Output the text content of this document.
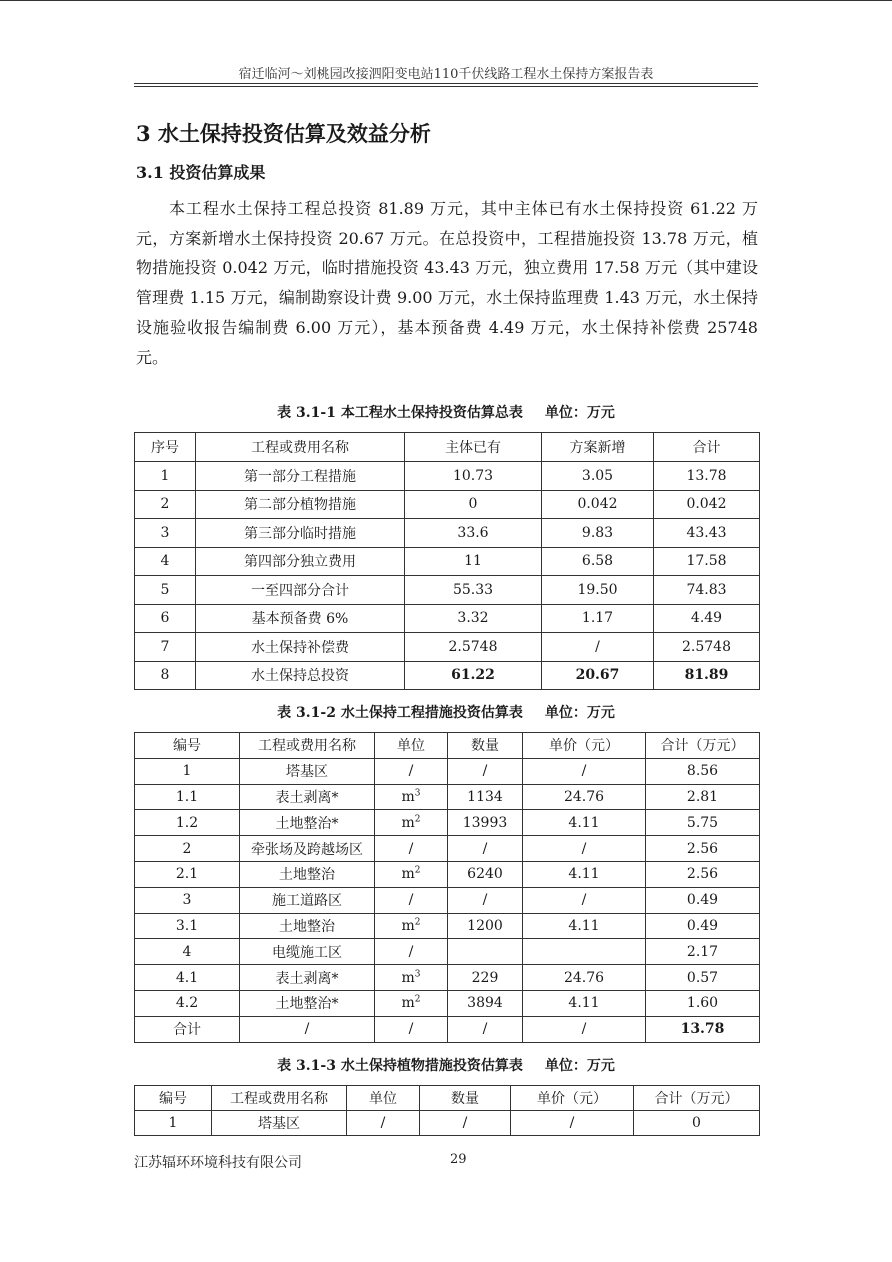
宿迁临河～刘桃园改接泗阳变电站110千伏线路工程水土保持方案报告表
3 水土保持投资估算及效益分析
3.1 投资估算成果

本工程水土保持工程总投资 81.89 万元，其中主体已有水土保持投资 61.22 万元，方案新增水土保持投资 20.67 万元。在总投资中，工程措施投资 13.78 万元，植物措施投资 0.042 万元，临时措施投资 43.43 万元，独立费用 17.58 万元（其中建设管理费 1.15 万元，编制勘察设计费 9.00 万元，水土保持监理费 1.43 万元，水土保持设施验收报告编制费 6.00 万元），基本预备费 4.49 万元，水土保持补偿费 25748 元。

表 3.1-1 本工程水土保持投资估算总表 单位：万元
序号	工程或费用名称	主体已有	方案新增	合计
1	第一部分工程措施	10.73	3.05	13.78
2	第二部分植物措施	0	0.042	0.042
3	第三部分临时措施	33.6	9.83	43.43
4	第四部分独立费用	11	6.58	17.58
5	一至四部分合计	55.33	19.50	74.83
6	基本预备费 6%	3.32	1.17	4.49
7	水土保持补偿费	2.5748	/	2.5748
8	水土保持总投资	61.22	20.67	81.89
表 3.1-2 水土保持工程措施投资估算表 单位：万元
编号	工程或费用名称	单位	数量	单价（元）	合计（万元）
1	塔基区	/	/	/	8.56
1.1	表土剥离*	$m^3$	1134	24.76	2.81
1.2	土地整治*	$m^2$	13993	4.11	5.75
2	牵张场及跨越场区	/	/	/	2.56
2.1	土地整治	$m^2$	6240	4.11	2.56
3	施工道路区	/	/	/	0.49
3.1	土地整治	$m^2$	1200	4.11	0.49
4	电缆施工区	/			2.17
4.1	表土剥离*	$m^3$	229	24.76	0.57
4.2	土地整治*	$m^2$	3894	4.11	1.60
合计	/	/	/	/	13.78
表 3.1-3 水土保持植物措施投资估算表 单位：万元
编号	工程或费用名称	单位	数量	单价（元）	合计（万元）
1	塔基区	/	/	/	0
江苏辐环环境科技有限公司	29
